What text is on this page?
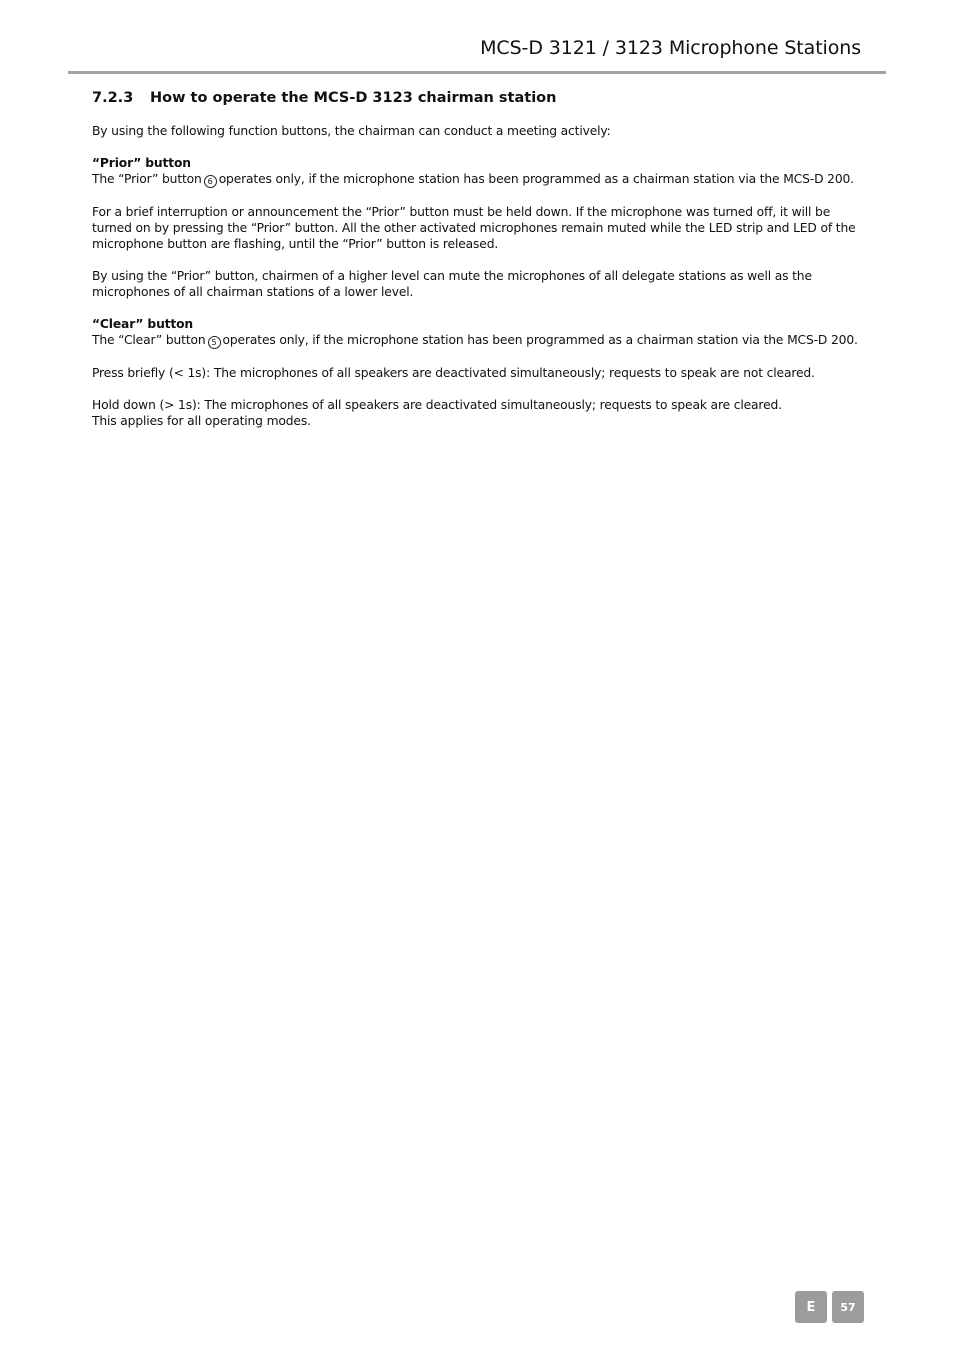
MCS-D 3121 / 3123 Microphone Stations
7.2.3 How to operate the MCS-D 3123 chairman station

By using the following function buttons, the chairman can conduct a meeting actively:

“Prior” button

The “Prior” button 6 operates only, if the microphone station has been programmed as a chairman station via the MCS-D 200.

For a brief interruption or announcement the “Prior” button must be held down. If the microphone was turned off, it will be turned on by pressing the “Prior” button. All the other activated microphones remain muted while the LED strip and LED of the microphone button are flashing, until the “Prior” button is released.

By using the “Prior” button, chairmen of a higher level can mute the microphones of all delegate stations as well as the microphones of all chairman stations of a lower level.

“Clear” button

The “Clear” button 5 operates only, if the microphone station has been programmed as a chairman station via the MCS-D 200.

Press briefly (< 1s): The microphones of all speakers are deactivated simultaneously; requests to speak are not cleared.

Hold down (> 1s): The microphones of all speakers are deactivated simultaneously; requests to speak are cleared.

This applies for all operating modes.

E	57
